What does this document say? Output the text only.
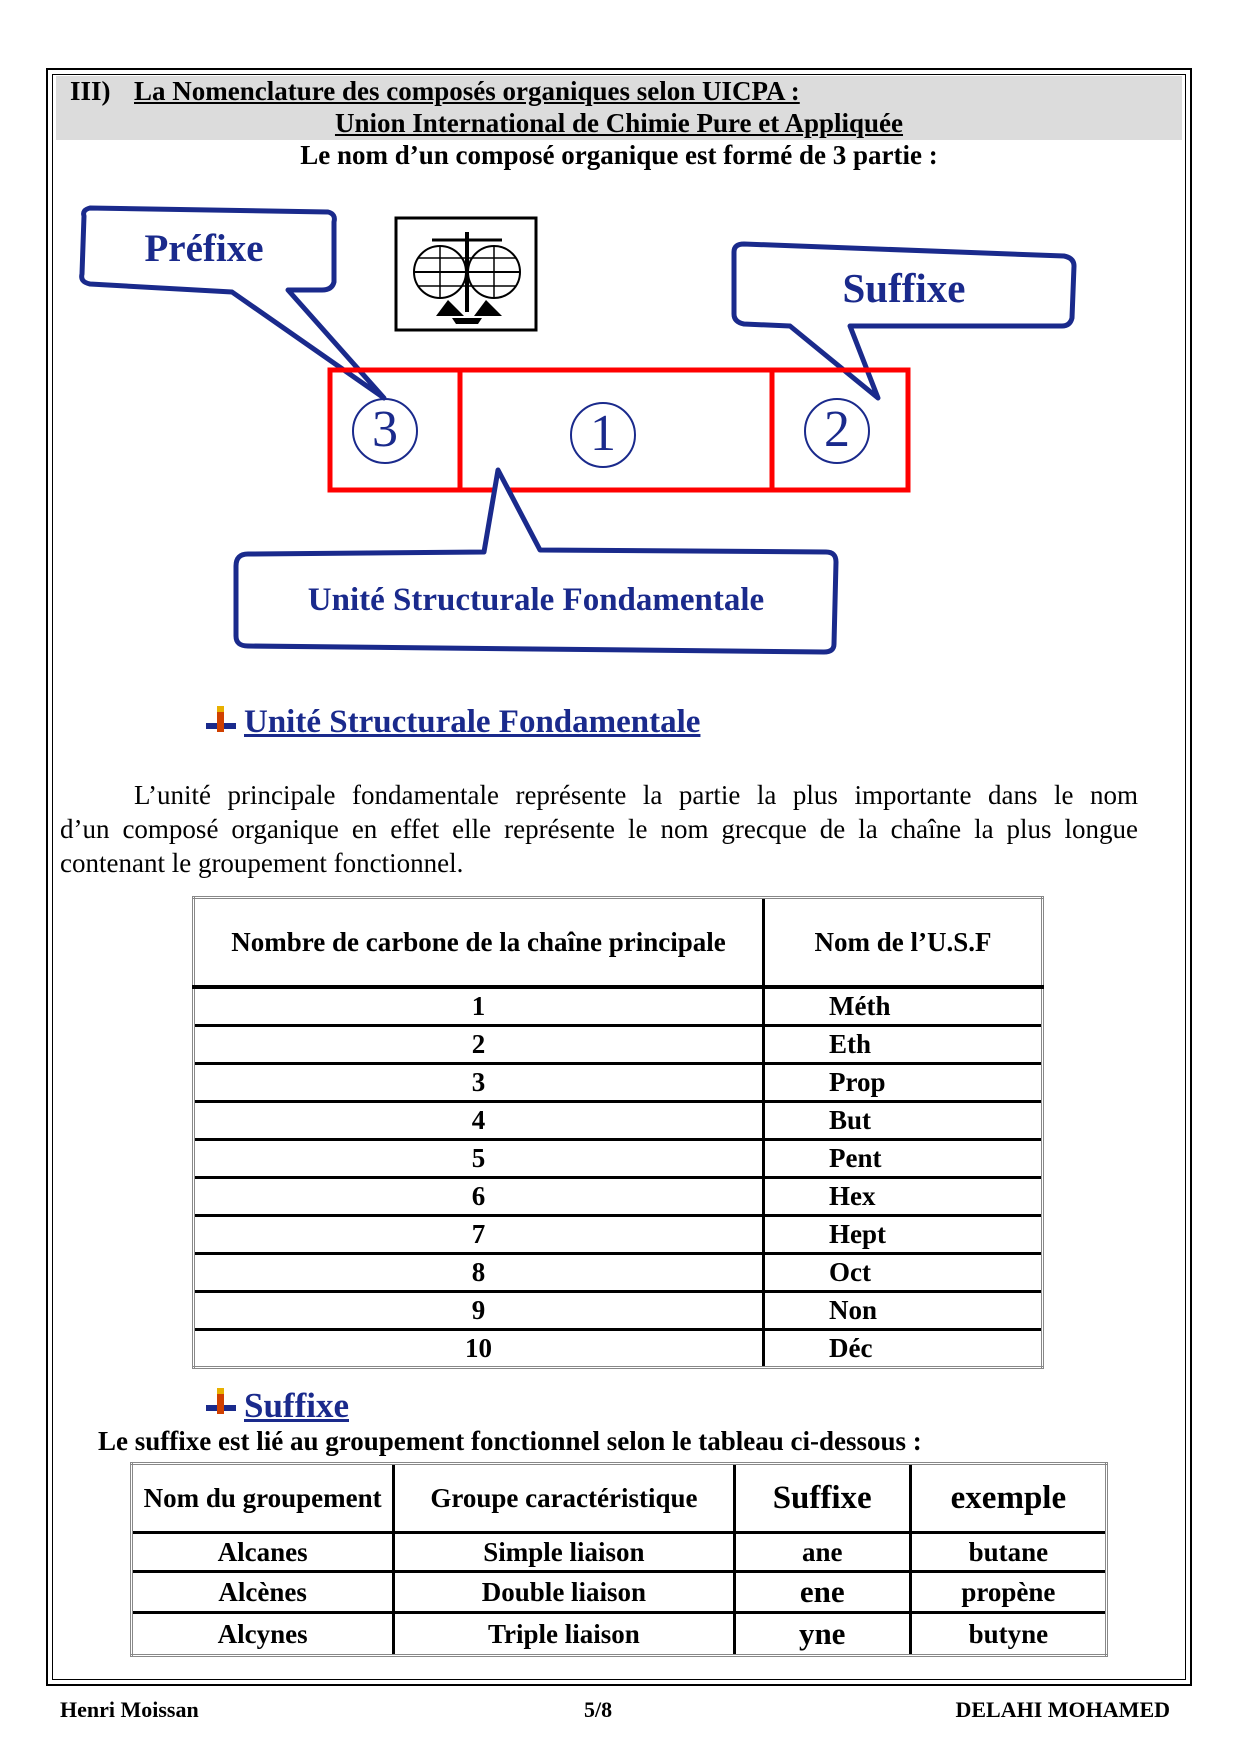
III) La Nomenclature des composés organiques selon UICPA :
Union International de Chimie Pure et Appliquée
Le nom d’un composé organique est formé de 3 partie :
Préfixe
Suffixe
Unité Structurale Fondamentale
3	1	2
Unité Structurale Fondamentale
L’unité principale fondamentale représente la partie la plus importante dans le nom
d’un composé organique en effet elle représente le nom grecque de la chaîne la plus longue
contenant le groupement fonctionnel.
Nombre de carbone de la chaîne principale	Nom de l’U.S.F
1	Méth
2	Eth
3	Prop
4	But
5	Pent
6	Hex
7	Hept
8	Oct
9	Non
10	Déc
Suffixe
Le suffixe est lié au groupement fonctionnel selon le tableau ci-dessous :
Nom du groupement	Groupe caractéristique	Suffixe	exemple
Alcanes	Simple liaison	ane	butane
Alcènes	Double liaison	ene	propène
Alcynes	Triple liaison	yne	butyne
Henri Moissan	5/8	DELAHI MOHAMED
